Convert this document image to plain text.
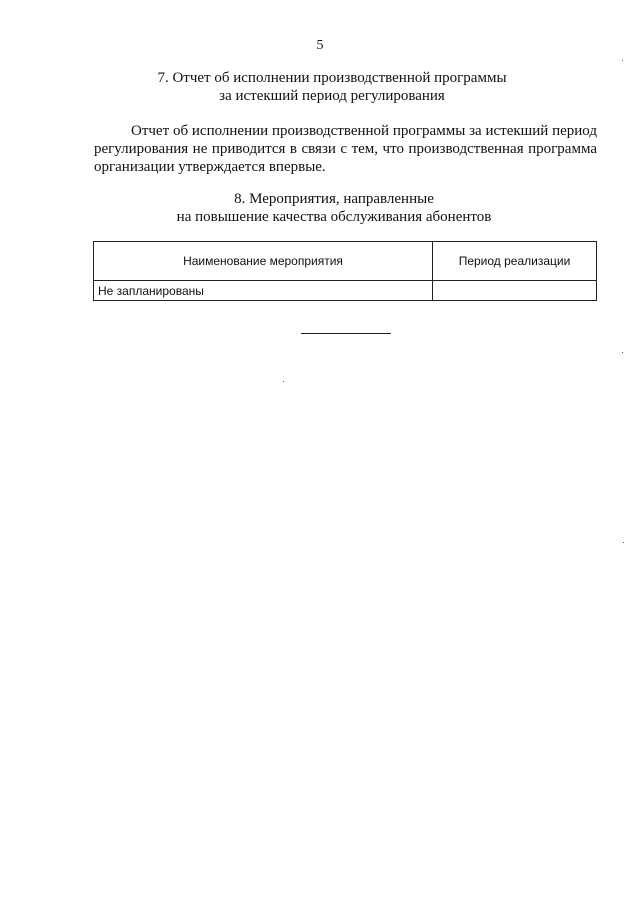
5
7. Отчет об исполнении производственной программы
за истекший период регулирования

Отчет об исполнении производственной программы за истекший период регулирования не приводится в связи с тем, что производственная программа организации утверждается впервые.

8. Мероприятия, направленные
на повышение качества обслуживания абонентов
Наименование мероприятия	Период реализации
Не запланированы	
